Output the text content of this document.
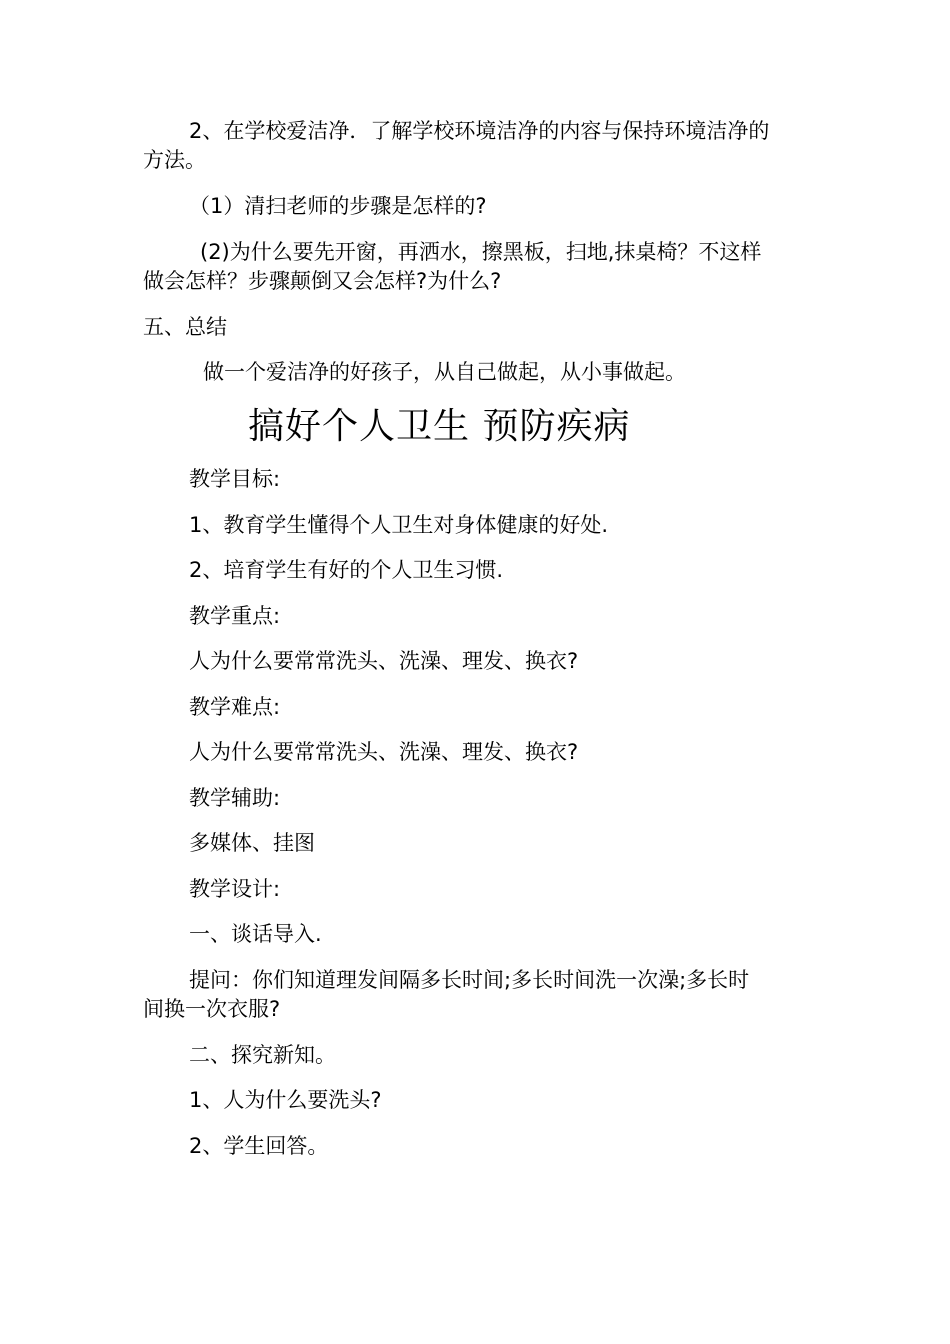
2、在学校爱洁净．了解学校环境洁净的内容与保持环境洁净的
方法。
（1）清扫老师的步骤是怎样的?
(2)为什么要先开窗，再洒水，擦黑板，扫地,抹桌椅？不这样
做会怎样？步骤颠倒又会怎样?为什么?
五、总结
做一个爱洁净的好孩子，从自己做起，从小事做起。
搞好个人卫生 预防疾病
教学目标:
1、教育学生懂得个人卫生对身体健康的好处.
2、培育学生有好的个人卫生习惯.
教学重点:
人为什么要常常洗头、洗澡、理发、换衣?
教学难点:
人为什么要常常洗头、洗澡、理发、换衣?
教学辅助:
多媒体、挂图
教学设计:
一、谈话导入.
提问：你们知道理发间隔多长时间;多长时间洗一次澡;多长时
间换一次衣服?
二、探究新知。
1、人为什么要洗头?
2、学生回答。
